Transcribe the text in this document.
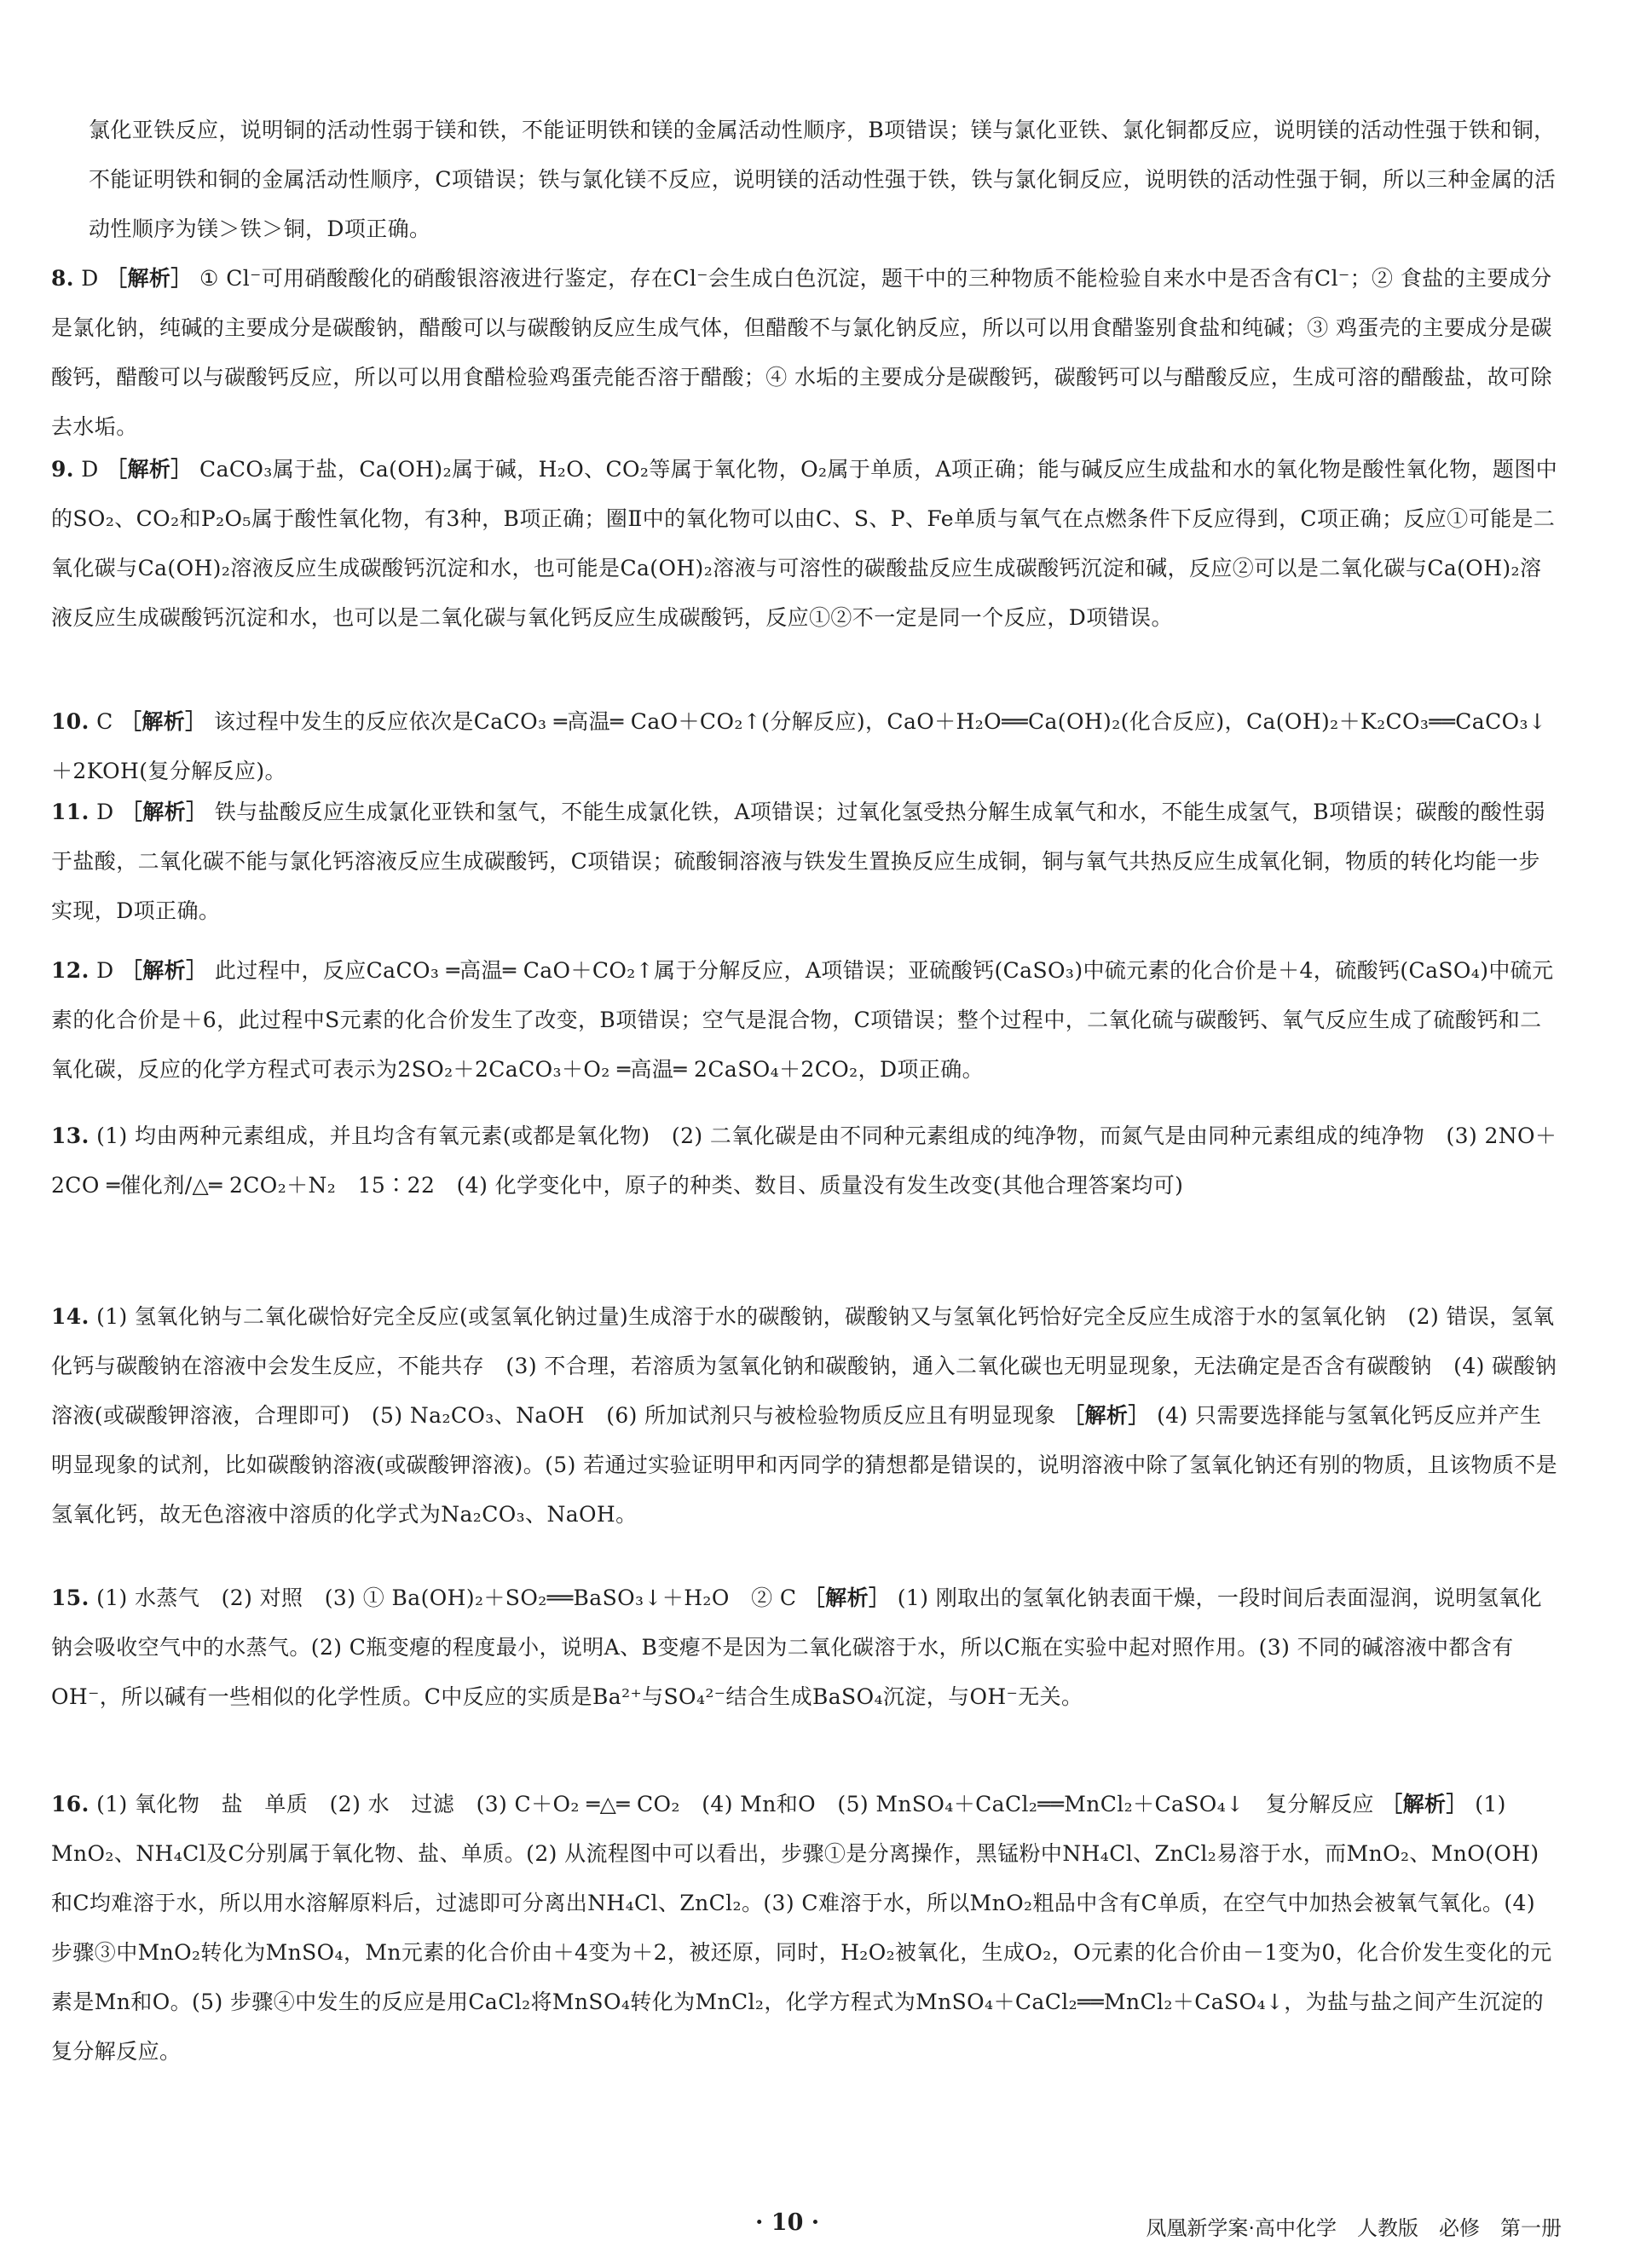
氯化亚铁反应，说明铜的活动性弱于镁和铁，不能证明铁和镁的金属活动性顺序，B项错误；镁与氯化亚铁、氯化铜都反应，说明镁的活动性强于铁和铜，不能证明铁和铜的金属活动性顺序，C项错误；铁与氯化镁不反应，说明镁的活动性强于铁，铁与氯化铜反应，说明铁的活动性强于铜，所以三种金属的活动性顺序为镁＞铁＞铜，D项正确。

8. D ［解析］ ① Cl⁻可用硝酸酸化的硝酸银溶液进行鉴定，存在Cl⁻会生成白色沉淀，题干中的三种物质不能检验自来水中是否含有Cl⁻；② 食盐的主要成分是氯化钠，纯碱的主要成分是碳酸钠，醋酸可以与碳酸钠反应生成气体，但醋酸不与氯化钠反应，所以可以用食醋鉴别食盐和纯碱；③ 鸡蛋壳的主要成分是碳酸钙，醋酸可以与碳酸钙反应，所以可以用食醋检验鸡蛋壳能否溶于醋酸；④ 水垢的主要成分是碳酸钙，碳酸钙可以与醋酸反应，生成可溶的醋酸盐，故可除去水垢。

9. D ［解析］ CaCO₃属于盐，Ca(OH)₂属于碱，H₂O、CO₂等属于氧化物，O₂属于单质，A项正确；能与碱反应生成盐和水的氧化物是酸性氧化物，题图中的SO₂、CO₂和P₂O₅属于酸性氧化物，有3种，B项正确；圈Ⅱ中的氧化物可以由C、S、P、Fe单质与氧气在点燃条件下反应得到，C项正确；反应①可能是二氧化碳与Ca(OH)₂溶液反应生成碳酸钙沉淀和水，也可能是Ca(OH)₂溶液与可溶性的碳酸盐反应生成碳酸钙沉淀和碱，反应②可以是二氧化碳与Ca(OH)₂溶液反应生成碳酸钙沉淀和水，也可以是二氧化碳与氧化钙反应生成碳酸钙，反应①②不一定是同一个反应，D项错误。

10. C ［解析］ 该过程中发生的反应依次是CaCO₃ ═高温═ CaO＋CO₂↑(分解反应)，CaO＋H₂O══Ca(OH)₂(化合反应)，Ca(OH)₂＋K₂CO₃══CaCO₃↓＋2KOH(复分解反应)。

11. D ［解析］ 铁与盐酸反应生成氯化亚铁和氢气，不能生成氯化铁，A项错误；过氧化氢受热分解生成氧气和水，不能生成氢气，B项错误；碳酸的酸性弱于盐酸，二氧化碳不能与氯化钙溶液反应生成碳酸钙，C项错误；硫酸铜溶液与铁发生置换反应生成铜，铜与氧气共热反应生成氧化铜，物质的转化均能一步实现，D项正确。

12. D ［解析］ 此过程中，反应CaCO₃ ═高温═ CaO＋CO₂↑属于分解反应，A项错误；亚硫酸钙(CaSO₃)中硫元素的化合价是＋4，硫酸钙(CaSO₄)中硫元素的化合价是＋6，此过程中S元素的化合价发生了改变，B项错误；空气是混合物，C项错误；整个过程中，二氧化硫与碳酸钙、氧气反应生成了硫酸钙和二氧化碳，反应的化学方程式可表示为2SO₂＋2CaCO₃＋O₂ ═高温═ 2CaSO₄＋2CO₂，D项正确。

13. (1) 均由两种元素组成，并且均含有氧元素(或都是氧化物)　(2) 二氧化碳是由不同种元素组成的纯净物，而氮气是由同种元素组成的纯净物　(3) 2NO＋2CO ═催化剂/△═ 2CO₂＋N₂　15∶22　(4) 化学变化中，原子的种类、数目、质量没有发生改变(其他合理答案均可)

14. (1) 氢氧化钠与二氧化碳恰好完全反应(或氢氧化钠过量)生成溶于水的碳酸钠，碳酸钠又与氢氧化钙恰好完全反应生成溶于水的氢氧化钠　(2) 错误，氢氧化钙与碳酸钠在溶液中会发生反应，不能共存　(3) 不合理，若溶质为氢氧化钠和碳酸钠，通入二氧化碳也无明显现象，无法确定是否含有碳酸钠　(4) 碳酸钠溶液(或碳酸钾溶液，合理即可)　(5) Na₂CO₃、NaOH　(6) 所加试剂只与被检验物质反应且有明显现象 ［解析］ (4) 只需要选择能与氢氧化钙反应并产生明显现象的试剂，比如碳酸钠溶液(或碳酸钾溶液)。(5) 若通过实验证明甲和丙同学的猜想都是错误的，说明溶液中除了氢氧化钠还有别的物质，且该物质不是氢氧化钙，故无色溶液中溶质的化学式为Na₂CO₃、NaOH。

15. (1) 水蒸气　(2) 对照　(3) ① Ba(OH)₂＋SO₂══BaSO₃↓＋H₂O　② C ［解析］ (1) 刚取出的氢氧化钠表面干燥，一段时间后表面湿润，说明氢氧化钠会吸收空气中的水蒸气。(2) C瓶变瘪的程度最小，说明A、B变瘪不是因为二氧化碳溶于水，所以C瓶在实验中起对照作用。(3) 不同的碱溶液中都含有OH⁻，所以碱有一些相似的化学性质。C中反应的实质是Ba²⁺与SO₄²⁻结合生成BaSO₄沉淀，与OH⁻无关。

16. (1) 氧化物　盐　单质　(2) 水　过滤　(3) C＋O₂ ═△═ CO₂　(4) Mn和O　(5) MnSO₄＋CaCl₂══MnCl₂＋CaSO₄↓　复分解反应 ［解析］ (1) MnO₂、NH₄Cl及C分别属于氧化物、盐、单质。(2) 从流程图中可以看出，步骤①是分离操作，黑锰粉中NH₄Cl、ZnCl₂易溶于水，而MnO₂、MnO(OH)和C均难溶于水，所以用水溶解原料后，过滤即可分离出NH₄Cl、ZnCl₂。(3) C难溶于水，所以MnO₂粗品中含有C单质，在空气中加热会被氧气氧化。(4) 步骤③中MnO₂转化为MnSO₄，Mn元素的化合价由＋4变为＋2，被还原，同时，H₂O₂被氧化，生成O₂，O元素的化合价由－1变为0，化合价发生变化的元素是Mn和O。(5) 步骤④中发生的反应是用CaCl₂将MnSO₄转化为MnCl₂，化学方程式为MnSO₄＋CaCl₂══MnCl₂＋CaSO₄↓，为盐与盐之间产生沉淀的复分解反应。

· 10 ·	凤凰新学案·高中化学　人教版　必修　第一册
